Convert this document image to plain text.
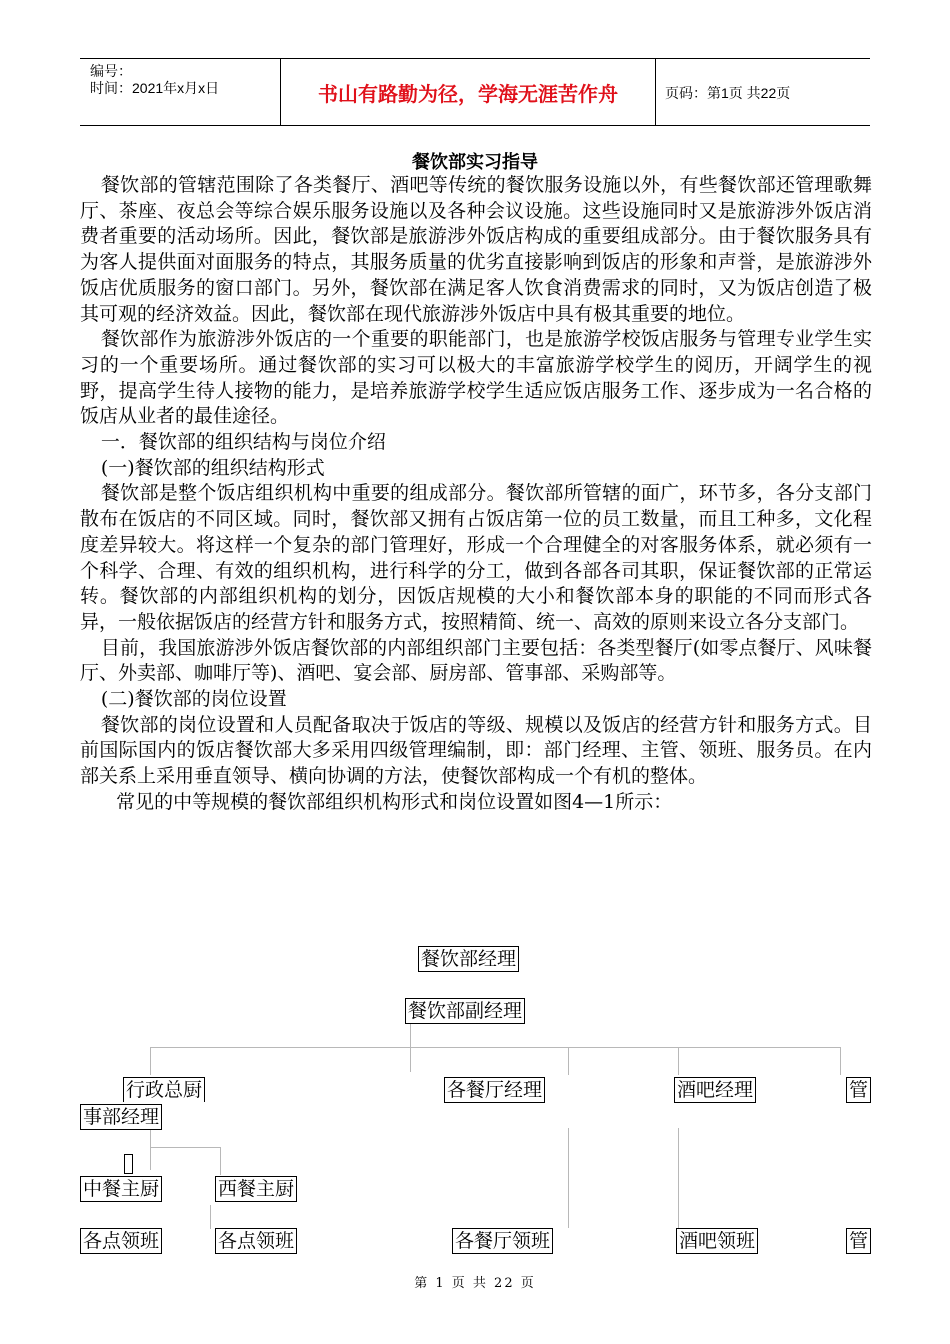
编号：
时间：2021年x月x日	书山有路勤为径，学海无涯苦作舟	页码：第1页 共22页
餐饮部实习指导

餐饮部的管辖范围除了各类餐厅、酒吧等传统的餐饮服务设施以外，有些餐饮部还管理歌舞厅、茶座、夜总会等综合娱乐服务设施以及各种会议设施。这些设施同时又是旅游涉外饭店消费者重要的活动场所。因此，餐饮部是旅游涉外饭店构成的重要组成部分。由于餐饮服务具有为客人提供面对面服务的特点，其服务质量的优劣直接影响到饭店的形象和声誉，是旅游涉外饭店优质服务的窗口部门。另外，餐饮部在满足客人饮食消费需求的同时，又为饭店创造了极其可观的经济效益。因此，餐饮部在现代旅游涉外饭店中具有极其重要的地位。

餐饮部作为旅游涉外饭店的一个重要的职能部门，也是旅游学校饭店服务与管理专业学生实习的一个重要场所。通过餐饮部的实习可以极大的丰富旅游学校学生的阅历，开阔学生的视野，提高学生待人接物的能力，是培养旅游学校学生适应饭店服务工作、逐步成为一名合格的饭店从业者的最佳途径。

一．餐饮部的组织结构与岗位介绍

(一)餐饮部的组织结构形式

餐饮部是整个饭店组织机构中重要的组成部分。餐饮部所管辖的面广，环节多，各分支部门散布在饭店的不同区域。同时，餐饮部又拥有占饭店第一位的员工数量，而且工种多，文化程度差异较大。将这样一个复杂的部门管理好，形成一个合理健全的对客服务体系，就必须有一个科学、合理、有效的组织机构，进行科学的分工，做到各部各司其职，保证餐饮部的正常运转。餐饮部的内部组织机构的划分，因饭店规模的大小和餐饮部本身的职能的不同而形式各异，一般依据饭店的经营方针和服务方式，按照精简、统一、高效的原则来设立各分支部门。

目前，我国旅游涉外饭店餐饮部的内部组织部门主要包括：各类型餐厅(如零点餐厅、风味餐厅、外卖部、咖啡厅等)、酒吧、宴会部、厨房部、管事部、采购部等。

(二)餐饮部的岗位设置

餐饮部的岗位设置和人员配备取决于饭店的等级、规模以及饭店的经营方针和服务方式。目前国际国内的饭店餐饮部大多采用四级管理编制，即：部门经理、主管、领班、服务员。在内部关系上采用垂直领导、横向协调的方法，使餐饮部构成一个有机的整体。

常见的中等规模的餐饮部组织机构形式和岗位设置如图4—1所示：

餐饮部经理
餐饮部副经理
行政总厨
事部经理
各餐厅经理	酒吧经理	管
中餐主厨	西餐主厨
各点领班	各点领班	各餐厅领班	酒吧领班	管
第 1 页 共 22 页
